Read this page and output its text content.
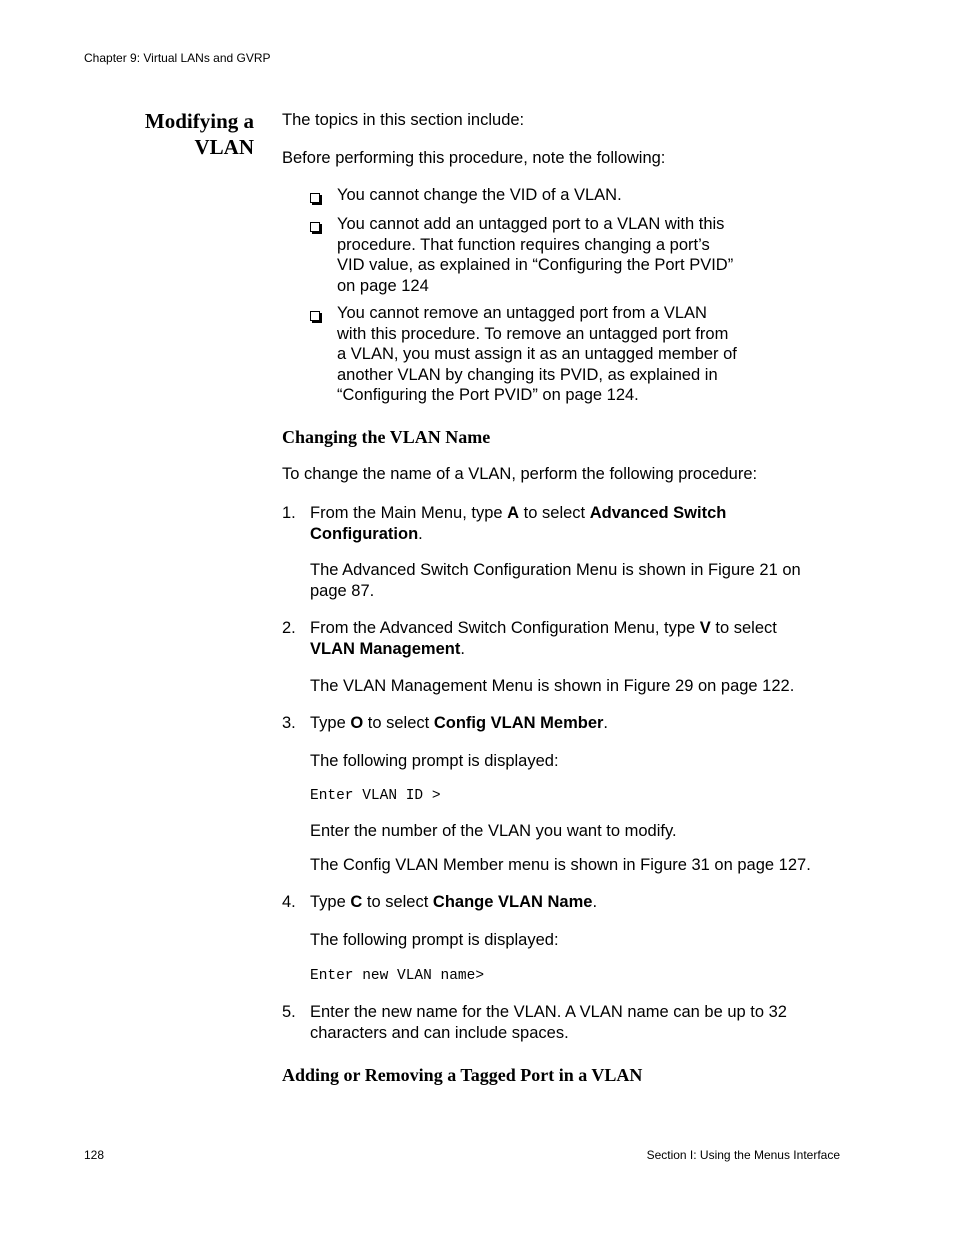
Chapter 9: Virtual LANs and GVRP
Modifying a
VLAN
The topics in this section include:
Before performing this procedure, note the following:
You cannot change the VID of a VLAN.
You cannot add an untagged port to a VLAN with this
procedure. That function requires changing a port’s
VID value, as explained in “Configuring the Port PVID”
on page 124
You cannot remove an untagged port from a VLAN
with this procedure. To remove an untagged port from
a VLAN, you must assign it as an untagged member of
another VLAN by changing its PVID, as explained in
“Configuring the Port PVID” on page 124.
Changing the VLAN Name
To change the name of a VLAN, perform the following procedure:
1. From the Main Menu, type A to select Advanced Switch
Configuration.
The Advanced Switch Configuration Menu is shown in Figure 21 on
page 87.
2. From the Advanced Switch Configuration Menu, type V to select
VLAN Management.
The VLAN Management Menu is shown in Figure 29 on page 122.
3. Type O to select Config VLAN Member.
The following prompt is displayed:
Enter VLAN ID >
Enter the number of the VLAN you want to modify.
The Config VLAN Member menu is shown in Figure 31 on page 127.
4. Type C to select Change VLAN Name.
The following prompt is displayed:
Enter new VLAN name>
5. Enter the new name for the VLAN. A VLAN name can be up to 32
characters and can include spaces.
Adding or Removing a Tagged Port in a VLAN
128	Section I: Using the Menus Interface
